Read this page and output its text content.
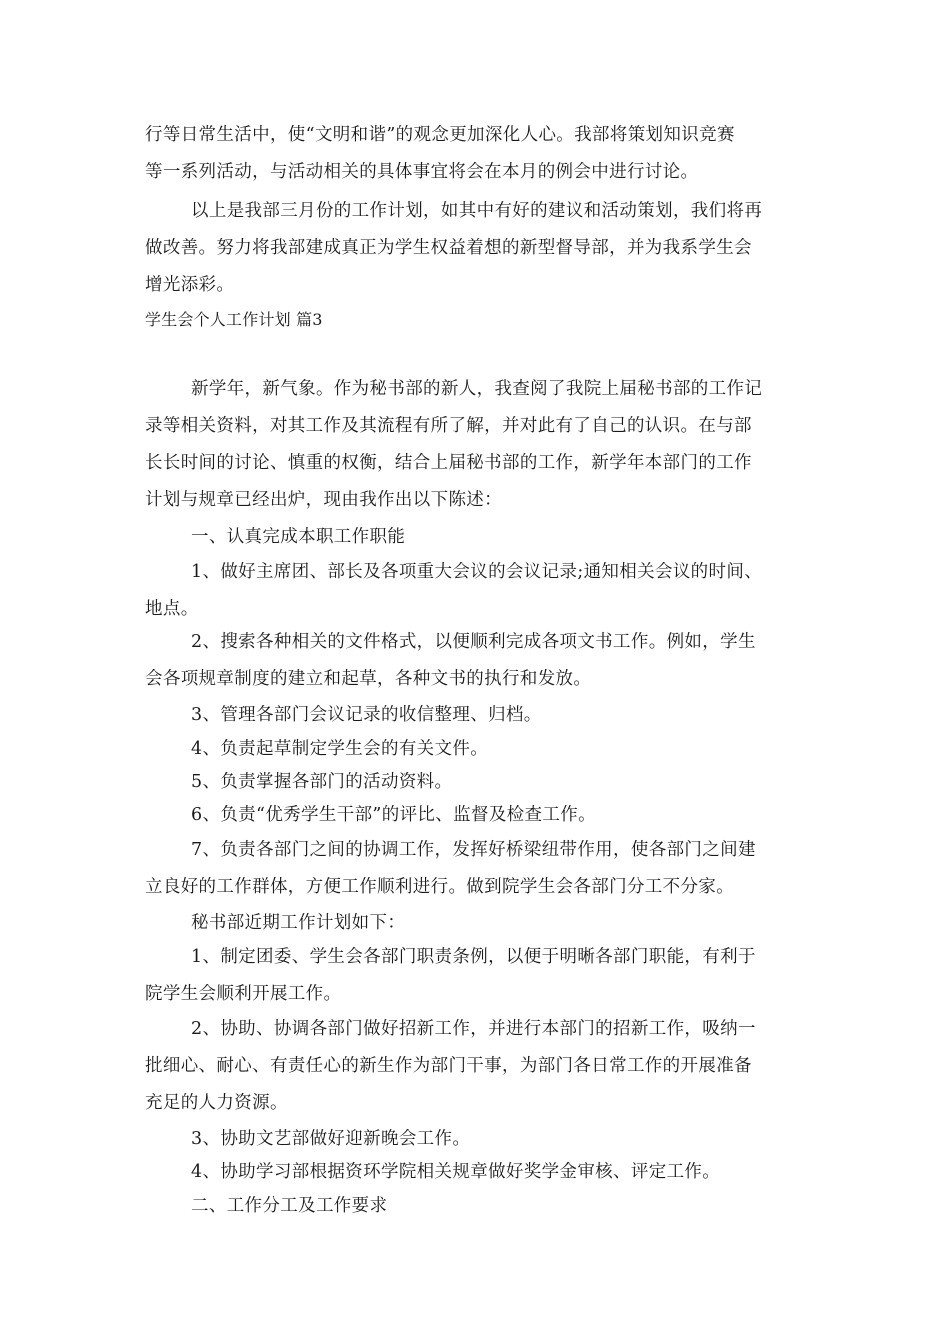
行等日常生活中，使“文明和谐”的观念更加深化人心。我部将策划知识竞赛
等一系列活动，与活动相关的具体事宜将会在本月的例会中进行讨论。
以上是我部三月份的工作计划，如其中有好的建议和活动策划，我们将再
做改善。努力将我部建成真正为学生权益着想的新型督导部，并为我系学生会
增光添彩。
学生会个人工作计划 篇3
新学年，新气象。作为秘书部的新人，我查阅了我院上届秘书部的工作记
录等相关资料，对其工作及其流程有所了解，并对此有了自己的认识。在与部
长长时间的讨论、慎重的权衡，结合上届秘书部的工作，新学年本部门的工作
计划与规章已经出炉，现由我作出以下陈述：
一、认真完成本职工作职能
1、做好主席团、部长及各项重大会议的会议记录;通知相关会议的时间、
地点。
2、搜索各种相关的文件格式，以便顺利完成各项文书工作。例如，学生
会各项规章制度的建立和起草，各种文书的执行和发放。
3、管理各部门会议记录的收信整理、归档。
4、负责起草制定学生会的有关文件。
5、负责掌握各部门的活动资料。
6、负责“优秀学生干部”的评比、监督及检查工作。
7、负责各部门之间的协调工作，发挥好桥梁纽带作用，使各部门之间建
立良好的工作群体，方便工作顺利进行。做到院学生会各部门分工不分家。
秘书部近期工作计划如下：
1、制定团委、学生会各部门职责条例，以便于明晰各部门职能，有利于
院学生会顺利开展工作。
2、协助、协调各部门做好招新工作，并进行本部门的招新工作，吸纳一
批细心、耐心、有责任心的新生作为部门干事，为部门各日常工作的开展准备
充足的人力资源。
3、协助文艺部做好迎新晚会工作。
4、协助学习部根据资环学院相关规章做好奖学金审核、评定工作。
二、工作分工及工作要求
